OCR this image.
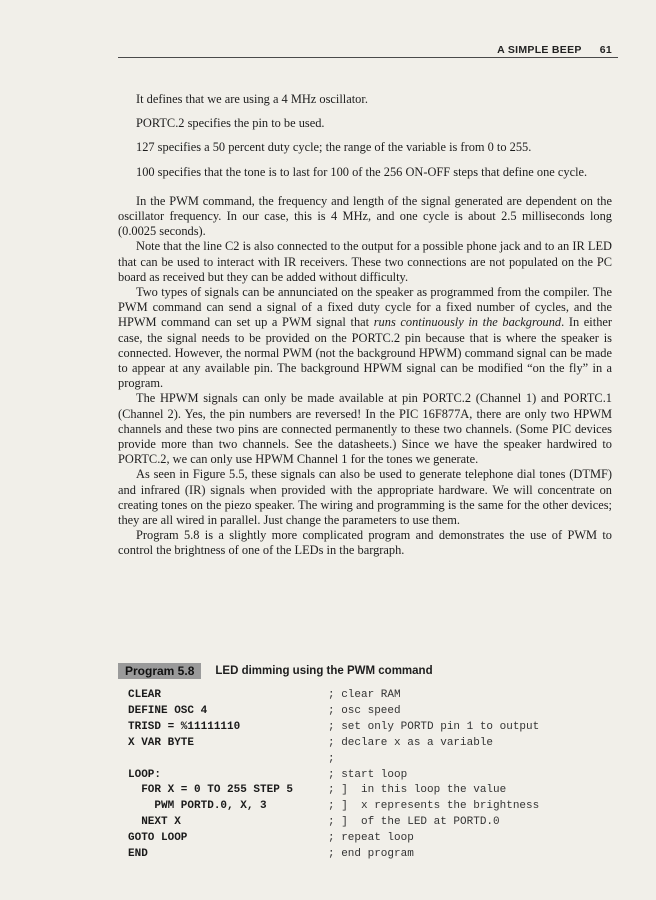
A SIMPLE BEEP 61

It defines that we are using a 4 MHz oscillator.

PORTC.2 specifies the pin to be used.

127 specifies a 50 percent duty cycle; the range of the variable is from 0 to 255.

100 specifies that the tone is to last for 100 of the 256 ON-OFF steps that define one cycle.

In the PWM command, the frequency and length of the signal generated are dependent on the oscillator frequency. In our case, this is 4 MHz, and one cycle is about 2.5 milliseconds long (0.0025 seconds).

Note that the line C2 is also connected to the output for a possible phone jack and to an IR LED that can be used to interact with IR receivers. These two connections are not populated on the PC board as received but they can be added without difficulty.

Two types of signals can be annunciated on the speaker as programmed from the compiler. The PWM command can send a signal of a fixed duty cycle for a fixed number of cycles, and the HPWM command can set up a PWM signal that runs continuously in the background. In either case, the signal needs to be provided on the PORTC.2 pin because that is where the speaker is connected. However, the normal PWM (not the background HPWM) command signal can be made to appear at any available pin. The background HPWM signal can be modified “on the fly” in a program.

The HPWM signals can only be made available at pin PORTC.2 (Channel 1) and PORTC.1 (Channel 2). Yes, the pin numbers are reversed! In the PIC 16F877A, there are only two HPWM channels and these two pins are connected permanently to these two channels. (Some PIC devices provide more than two channels. See the datasheets.) Since we have the speaker hardwired to PORTC.2, we can only use HPWM Channel 1 for the tones we generate.

As seen in Figure 5.5, these signals can also be used to generate telephone dial tones (DTMF) and infrared (IR) signals when provided with the appropriate hardware. We will concentrate on creating tones on the piezo speaker. The wiring and programming is the same for the other devices; they are all wired in parallel. Just change the parameters to use them.

Program 5.8 is a slightly more complicated program and demonstrates the use of PWM to control the brightness of one of the LEDs in the bargraph.

Program 5.8	LED dimming using the PWM command
CLEAR	; clear RAM
DEFINE OSC 4	; osc speed
TRISD = %11111110	; set only PORTD pin 1 to output
X VAR BYTE	; declare x as a variable
;
LOOP:	; start loop
FOR X = 0 TO 255 STEP 5	; ]  in this loop the value
PWM PORTD.0, X, 3	; ]  x represents the brightness
NEXT X	; ]  of the LED at PORTD.0
GOTO LOOP	; repeat loop
END	; end program
